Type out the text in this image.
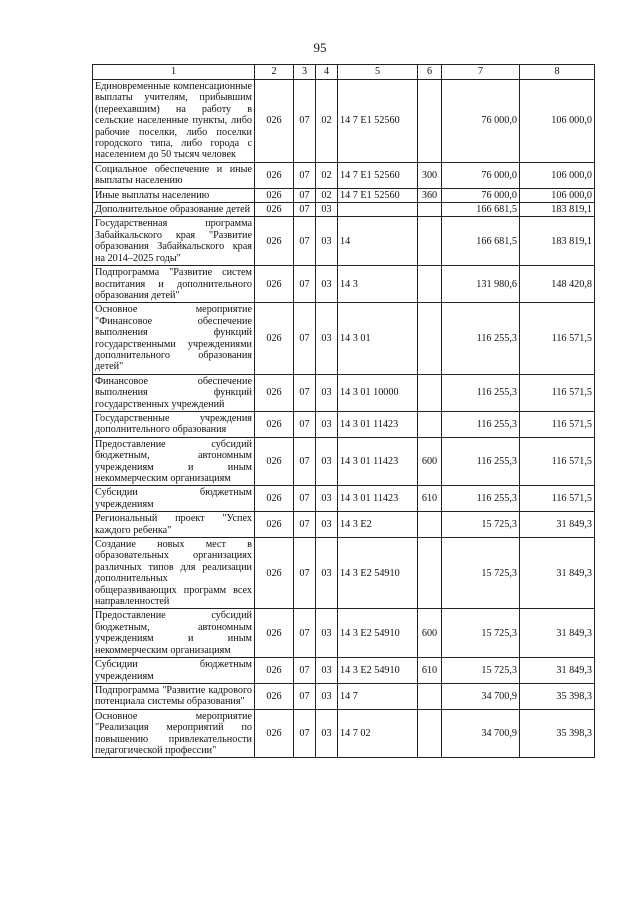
95
1	2	3	4	5	6	7	8
Единовременные компенсационные выплаты учителям, прибывшим (переехавшим) на работу в сельские населенные пункты, либо рабочие поселки, либо поселки городского типа, либо города с населением до 50 тысяч человек	026	07	02	14 7 E1 52560		76 000,0	106 000,0
Социальное обеспечение и иные выплаты населению	026	07	02	14 7 E1 52560	300	76 000,0	106 000,0
Иные выплаты населению	026	07	02	14 7 E1 52560	360	76 000,0	106 000,0
Дополнительное образование детей	026	07	03			166 681,5	183 819,1
Государственная программа Забайкальского края "Развитие образования Забайкальского края на 2014–2025 годы"	026	07	03	14		166 681,5	183 819,1
Подпрограмма "Развитие систем воспитания и дополнительного образования детей"	026	07	03	14 3		131 980,6	148 420,8
Основное мероприятие "Финансовое обеспечение выполнения функций государственными учреждениями дополнительного образования детей"	026	07	03	14 3 01		116 255,3	116 571,5
Финансовое обеспечение выполнения функций государственных учреждений	026	07	03	14 3 01 10000		116 255,3	116 571,5
Государственные учреждения дополнительного образования	026	07	03	14 3 01 11423		116 255,3	116 571,5
Предоставление субсидий бюджетным, автономным учреждениям и иным некоммерческим организациям	026	07	03	14 3 01 11423	600	116 255,3	116 571,5
Субсидии бюджетным учреждениям	026	07	03	14 3 01 11423	610	116 255,3	116 571,5
Региональный проект "Успех каждого ребенка"	026	07	03	14 3 E2		15 725,3	31 849,3
Создание новых мест в образовательных организациях различных типов для реализации дополнительных общеразвивающих программ всех направленностей	026	07	03	14 3 E2 54910		15 725,3	31 849,3
Предоставление субсидий бюджетным, автономным учреждениям и иным некоммерческим организациям	026	07	03	14 3 E2 54910	600	15 725,3	31 849,3
Субсидии бюджетным учреждениям	026	07	03	14 3 E2 54910	610	15 725,3	31 849,3
Подпрограмма "Развитие кадрового потенциала системы образования"	026	07	03	14 7		34 700,9	35 398,3
Основное мероприятие "Реализация мероприятий по повышению привлекательности педагогической профессии"	026	07	03	14 7 02		34 700,9	35 398,3
